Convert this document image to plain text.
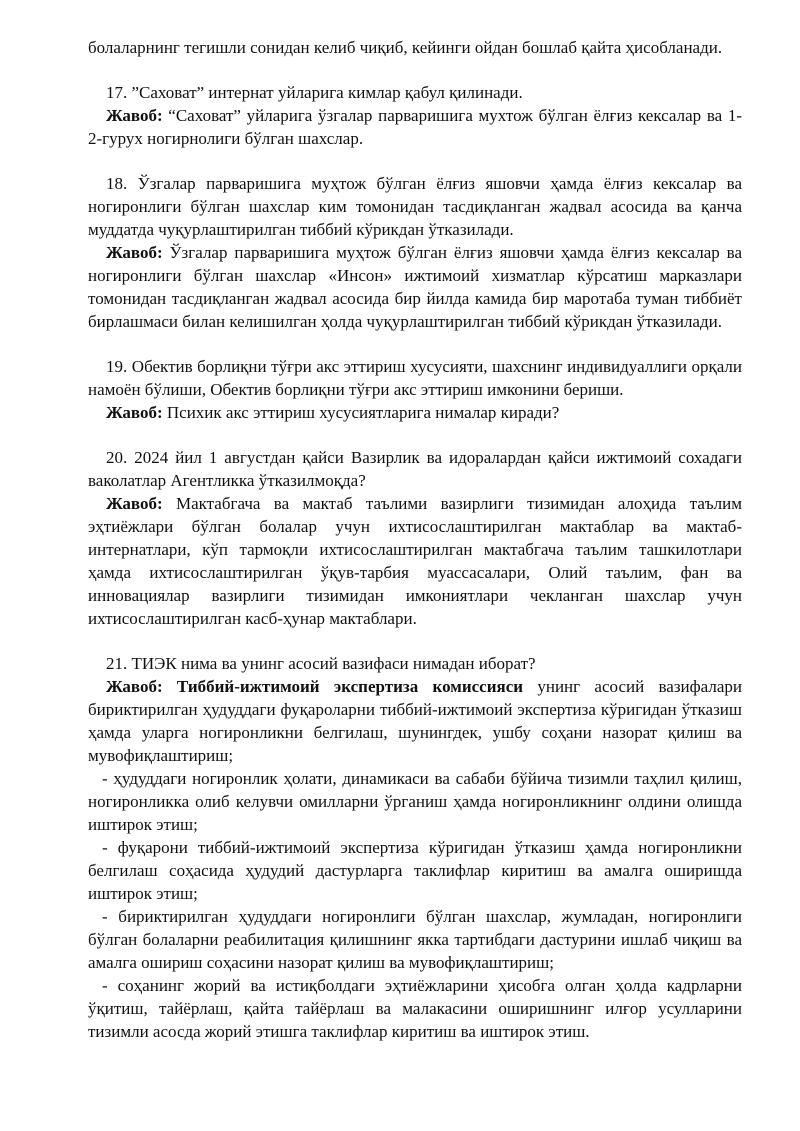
болаларнинг тегишли сонидан келиб чиқиб, кейинги ойдан бошлаб қайта ҳисобланади.

17. ”Саховат” интернат уйларига кимлар қабул қилинади.

Жавоб: “Саховат” уйларига ўзгалар парваришига мухтож бўлган ёлғиз кексалар ва 1-2-гурух ногирнолиги бўлган шахслар.

18. Ўзгалар парваришига муҳтож бўлган ёлғиз яшовчи ҳамда ёлғиз кексалар ва ногиронлиги бўлган шахслар ким томонидан тасдиқланган жадвал асосида ва қанча муддатда чуқурлаштирилган тиббий кўрикдан ўтказилади.

Жавоб: Ўзгалар парваришига муҳтож бўлган ёлғиз яшовчи ҳамда ёлғиз кексалар ва ногиронлиги бўлган шахслар «Инсон» ижтимоий хизматлар кўрсатиш марказлари томонидан тасдиқланган жадвал асосида бир йилда камида бир маротаба туман тиббиёт бирлашмаси билан келишилган ҳолда чуқурлаштирилган тиббий кўрикдан ўтказилади.

19. Обектив борлиқни тўғри акс эттириш хусусияти, шахснинг индивидуаллиги орқали намоён бўлиши, Обектив борлиқни тўғри акс эттириш имконини бериши.

Жавоб: Психик акс эттириш хусусиятларига нималар киради?

20. 2024 йил 1 августдан қайси Вазирлик ва идоралардан қайси ижтимоий сохадаги ваколатлар Агентликка ўтказилмоқда?

Жавоб: Мактабгача ва мактаб таълими вазирлиги тизимидан алоҳида таълим эҳтиёжлари бўлган болалар учун ихтисослаштирилган мактаблар ва мактаб-интернатлари, кўп тармоқли ихтисослаштирилган мактабгача таълим ташкилотлари ҳамда ихтисослаштирилган ўқув-тарбия муассасалари, Олий таълим, фан ва инновациялар вазирлиги тизимидан имкониятлари чекланган шахслар учун ихтисослаштирилган касб-ҳунар мактаблари.

21. ТИЭК нима ва унинг асосий вазифаси нимадан иборат?

Жавоб: Тиббий-ижтимоий экспертиза комиссияси унинг асосий вазифалари бириктирилган ҳудуддаги фуқароларни тиббий-ижтимоий экспертиза кўригидан ўтказиш ҳамда уларга ногиронликни белгилаш, шунингдек, ушбу соҳани назорат қилиш ва мувофиқлаштириш;

- ҳудуддаги ногиронлик ҳолати, динамикаси ва сабаби бўйича тизимли таҳлил қилиш, ногиронликка олиб келувчи омилларни ўрганиш ҳамда ногиронликнинг олдини олишда иштирок этиш;

- фуқарони тиббий-ижтимоий экспертиза кўригидан ўтказиш ҳамда ногиронликни белгилаш соҳасида ҳудудий дастурларга таклифлар киритиш ва амалга оширишда иштирок этиш;

- бириктирилган ҳудуддаги ногиронлиги бўлган шахслар, жумладан, ногиронлиги бўлган болаларни реабилитация қилишнинг якка тартибдаги дастурини ишлаб чиқиш ва амалга ошириш соҳасини назорат қилиш ва мувофиқлаштириш;

- соҳанинг жорий ва истиқболдаги эҳтиёжларини ҳисобга олган ҳолда кадрларни ўқитиш, тайёрлаш, қайта тайёрлаш ва малакасини оширишнинг илғор усулларини тизимли асосда жорий этишга таклифлар киритиш ва иштирок этиш.
